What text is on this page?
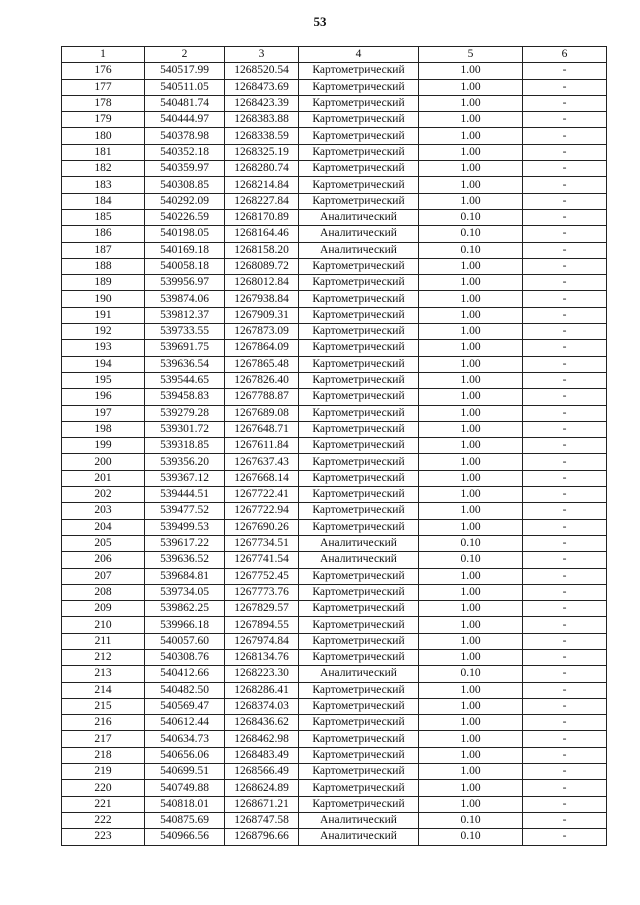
53
1	2	3	4	5	6
176	540517.99	1268520.54	Картометрический	1.00	-
177	540511.05	1268473.69	Картометрический	1.00	-
178	540481.74	1268423.39	Картометрический	1.00	-
179	540444.97	1268383.88	Картометрический	1.00	-
180	540378.98	1268338.59	Картометрический	1.00	-
181	540352.18	1268325.19	Картометрический	1.00	-
182	540359.97	1268280.74	Картометрический	1.00	-
183	540308.85	1268214.84	Картометрический	1.00	-
184	540292.09	1268227.84	Картометрический	1.00	-
185	540226.59	1268170.89	Аналитический	0.10	-
186	540198.05	1268164.46	Аналитический	0.10	-
187	540169.18	1268158.20	Аналитический	0.10	-
188	540058.18	1268089.72	Картометрический	1.00	-
189	539956.97	1268012.84	Картометрический	1.00	-
190	539874.06	1267938.84	Картометрический	1.00	-
191	539812.37	1267909.31	Картометрический	1.00	-
192	539733.55	1267873.09	Картометрический	1.00	-
193	539691.75	1267864.09	Картометрический	1.00	-
194	539636.54	1267865.48	Картометрический	1.00	-
195	539544.65	1267826.40	Картометрический	1.00	-
196	539458.83	1267788.87	Картометрический	1.00	-
197	539279.28	1267689.08	Картометрический	1.00	-
198	539301.72	1267648.71	Картометрический	1.00	-
199	539318.85	1267611.84	Картометрический	1.00	-
200	539356.20	1267637.43	Картометрический	1.00	-
201	539367.12	1267668.14	Картометрический	1.00	-
202	539444.51	1267722.41	Картометрический	1.00	-
203	539477.52	1267722.94	Картометрический	1.00	-
204	539499.53	1267690.26	Картометрический	1.00	-
205	539617.22	1267734.51	Аналитический	0.10	-
206	539636.52	1267741.54	Аналитический	0.10	-
207	539684.81	1267752.45	Картометрический	1.00	-
208	539734.05	1267773.76	Картометрический	1.00	-
209	539862.25	1267829.57	Картометрический	1.00	-
210	539966.18	1267894.55	Картометрический	1.00	-
211	540057.60	1267974.84	Картометрический	1.00	-
212	540308.76	1268134.76	Картометрический	1.00	-
213	540412.66	1268223.30	Аналитический	0.10	-
214	540482.50	1268286.41	Картометрический	1.00	-
215	540569.47	1268374.03	Картометрический	1.00	-
216	540612.44	1268436.62	Картометрический	1.00	-
217	540634.73	1268462.98	Картометрический	1.00	-
218	540656.06	1268483.49	Картометрический	1.00	-
219	540699.51	1268566.49	Картометрический	1.00	-
220	540749.88	1268624.89	Картометрический	1.00	-
221	540818.01	1268671.21	Картометрический	1.00	-
222	540875.69	1268747.58	Аналитический	0.10	-
223	540966.56	1268796.66	Аналитический	0.10	-
